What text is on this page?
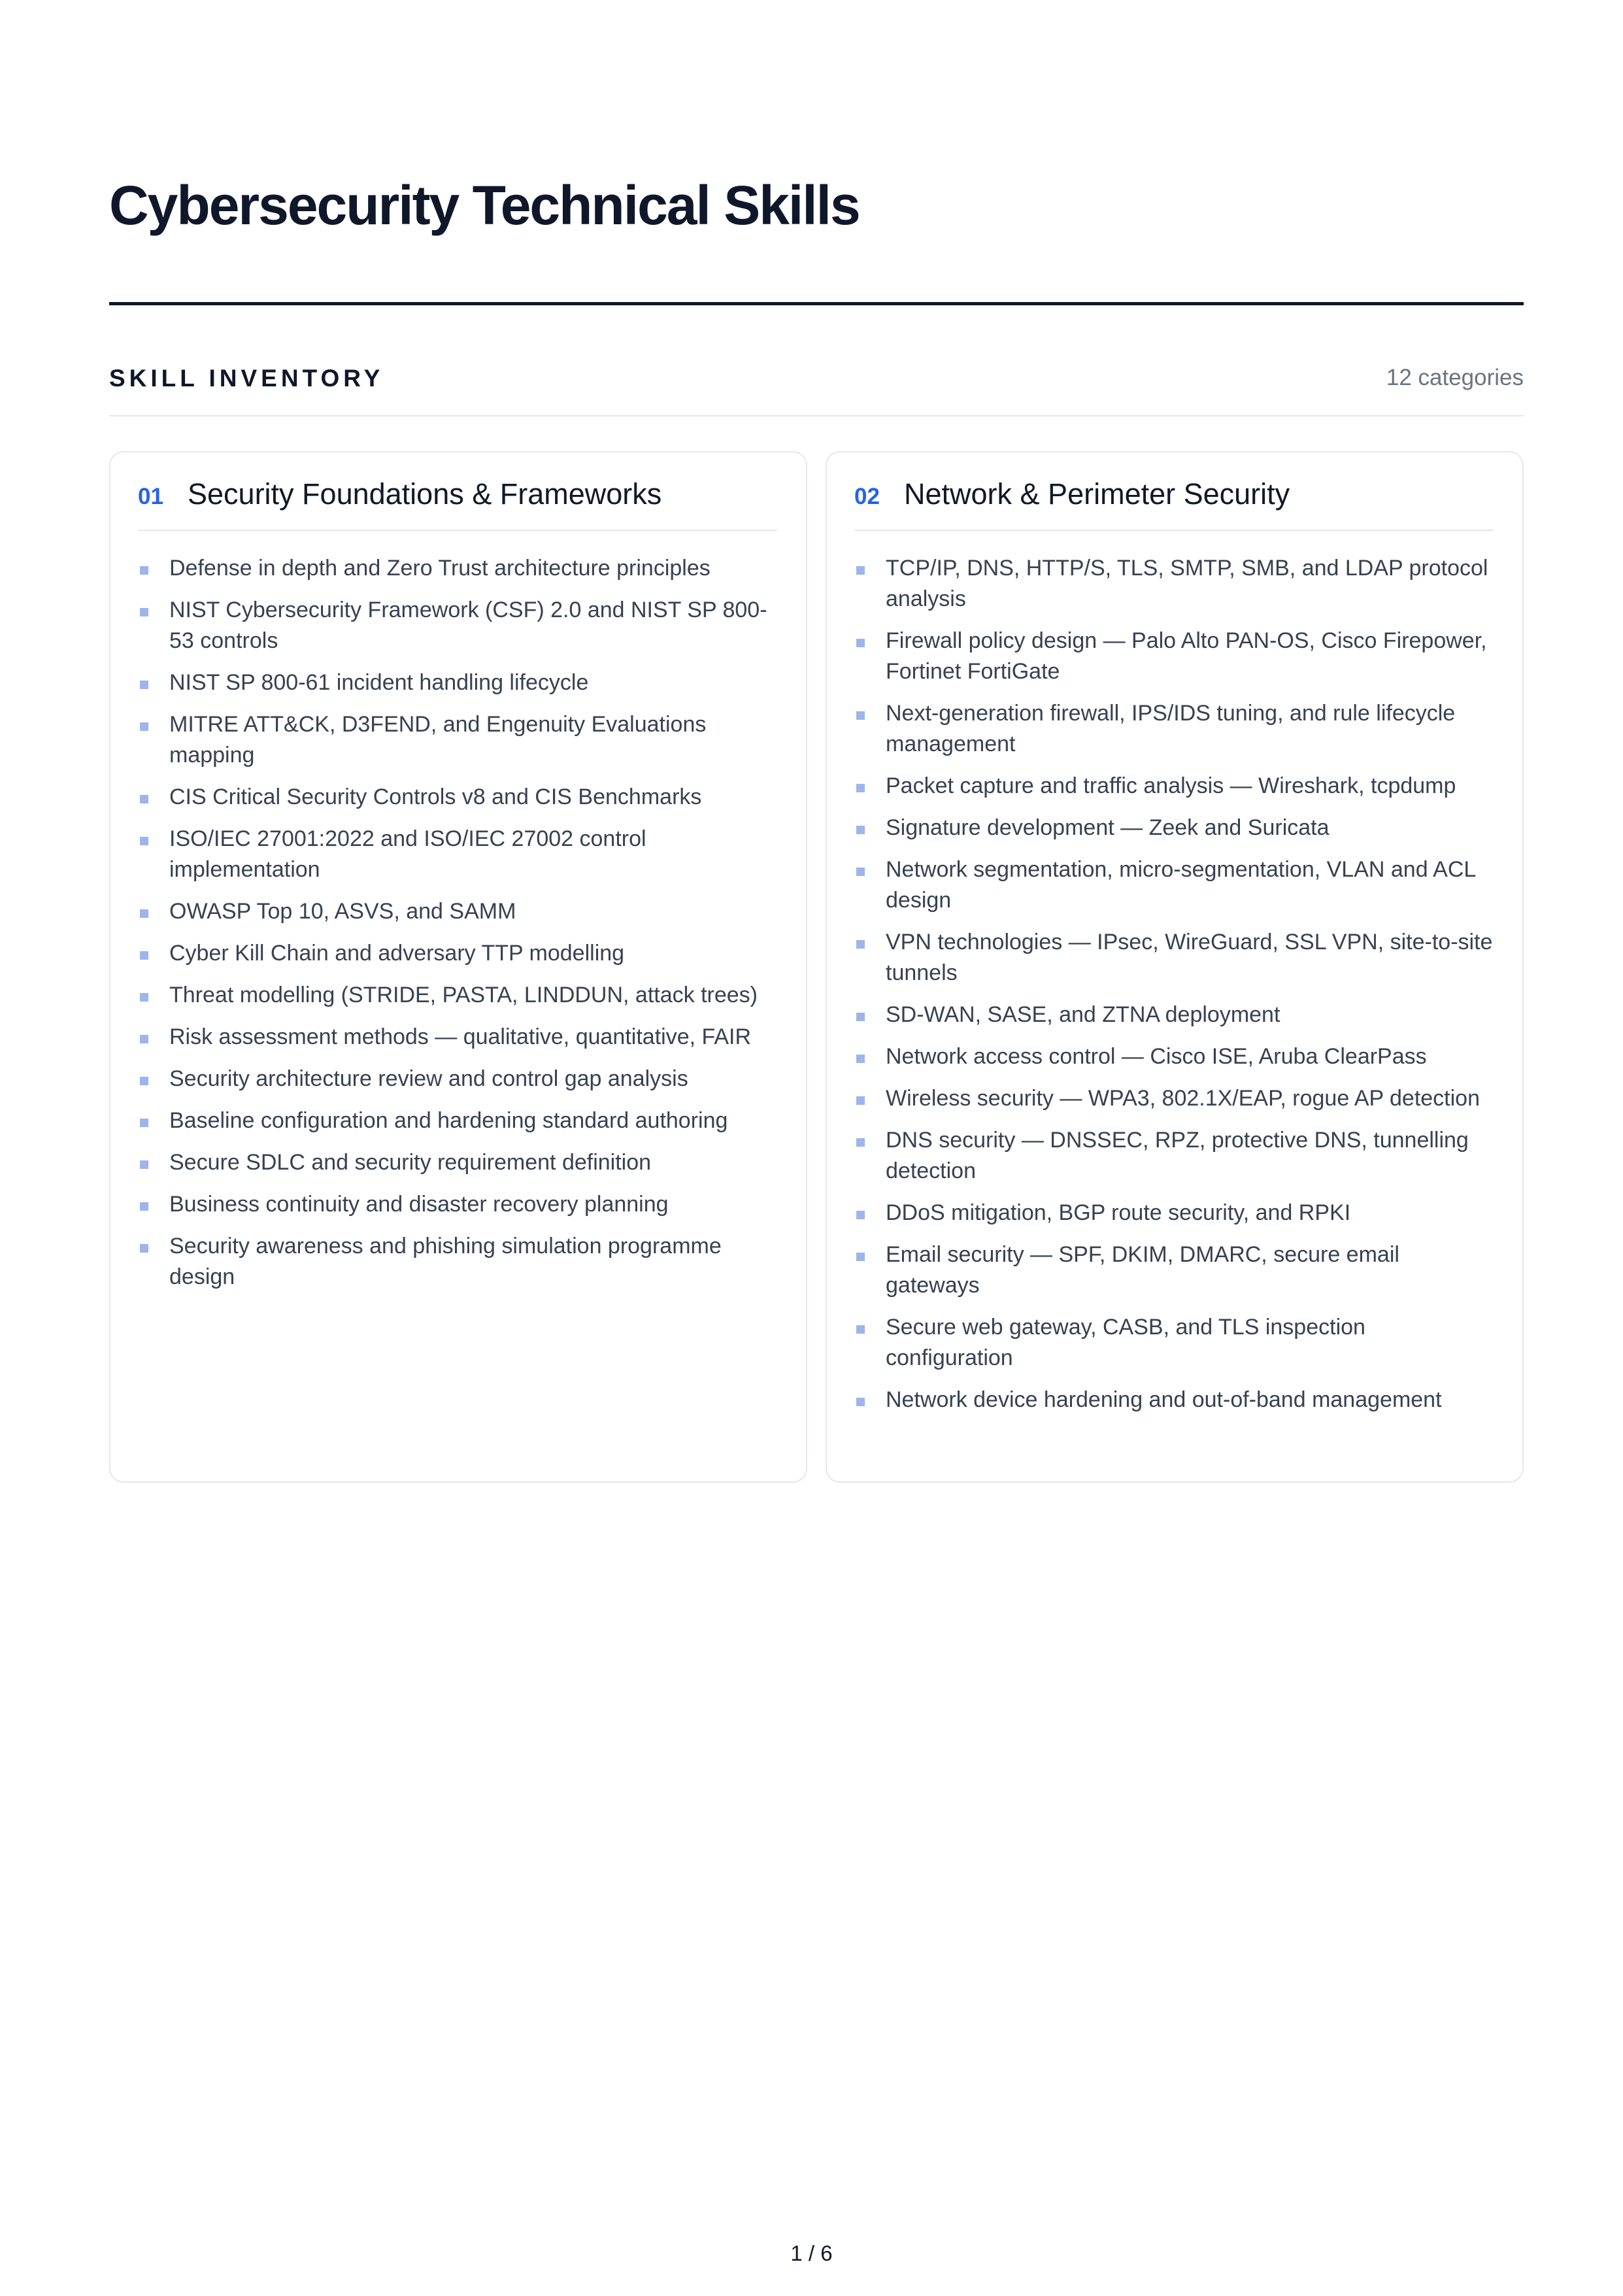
Cybersecurity Technical Skills
SKILL INVENTORY	12 categories
01 Security Foundations & Frameworks
Defense in depth and Zero Trust architecture principles
NIST Cybersecurity Framework (CSF) 2.0 and NIST SP 800-53 controls
NIST SP 800-61 incident handling lifecycle
MITRE ATT&CK, D3FEND, and Engenuity Evaluations mapping
CIS Critical Security Controls v8 and CIS Benchmarks
ISO/IEC 27001:2022 and ISO/IEC 27002 control implementation
OWASP Top 10, ASVS, and SAMM
Cyber Kill Chain and adversary TTP modelling
Threat modelling (STRIDE, PASTA, LINDDUN, attack trees)
Risk assessment methods — qualitative, quantitative, FAIR
Security architecture review and control gap analysis
Baseline configuration and hardening standard authoring
Secure SDLC and security requirement definition
Business continuity and disaster recovery planning
Security awareness and phishing simulation programme design
02 Network & Perimeter Security
TCP/IP, DNS, HTTP/S, TLS, SMTP, SMB, and LDAP protocol analysis
Firewall policy design — Palo Alto PAN-OS, Cisco Firepower, Fortinet FortiGate
Next-generation firewall, IPS/IDS tuning, and rule lifecycle management
Packet capture and traffic analysis — Wireshark, tcpdump
Signature development — Zeek and Suricata
Network segmentation, micro-segmentation, VLAN and ACL design
VPN technologies — IPsec, WireGuard, SSL VPN, site-to-site tunnels
SD-WAN, SASE, and ZTNA deployment
Network access control — Cisco ISE, Aruba ClearPass
Wireless security — WPA3, 802.1X/EAP, rogue AP detection
DNS security — DNSSEC, RPZ, protective DNS, tunnelling detection
DDoS mitigation, BGP route security, and RPKI
Email security — SPF, DKIM, DMARC, secure email gateways
Secure web gateway, CASB, and TLS inspection configuration
Network device hardening and out-of-band management
1 / 6
